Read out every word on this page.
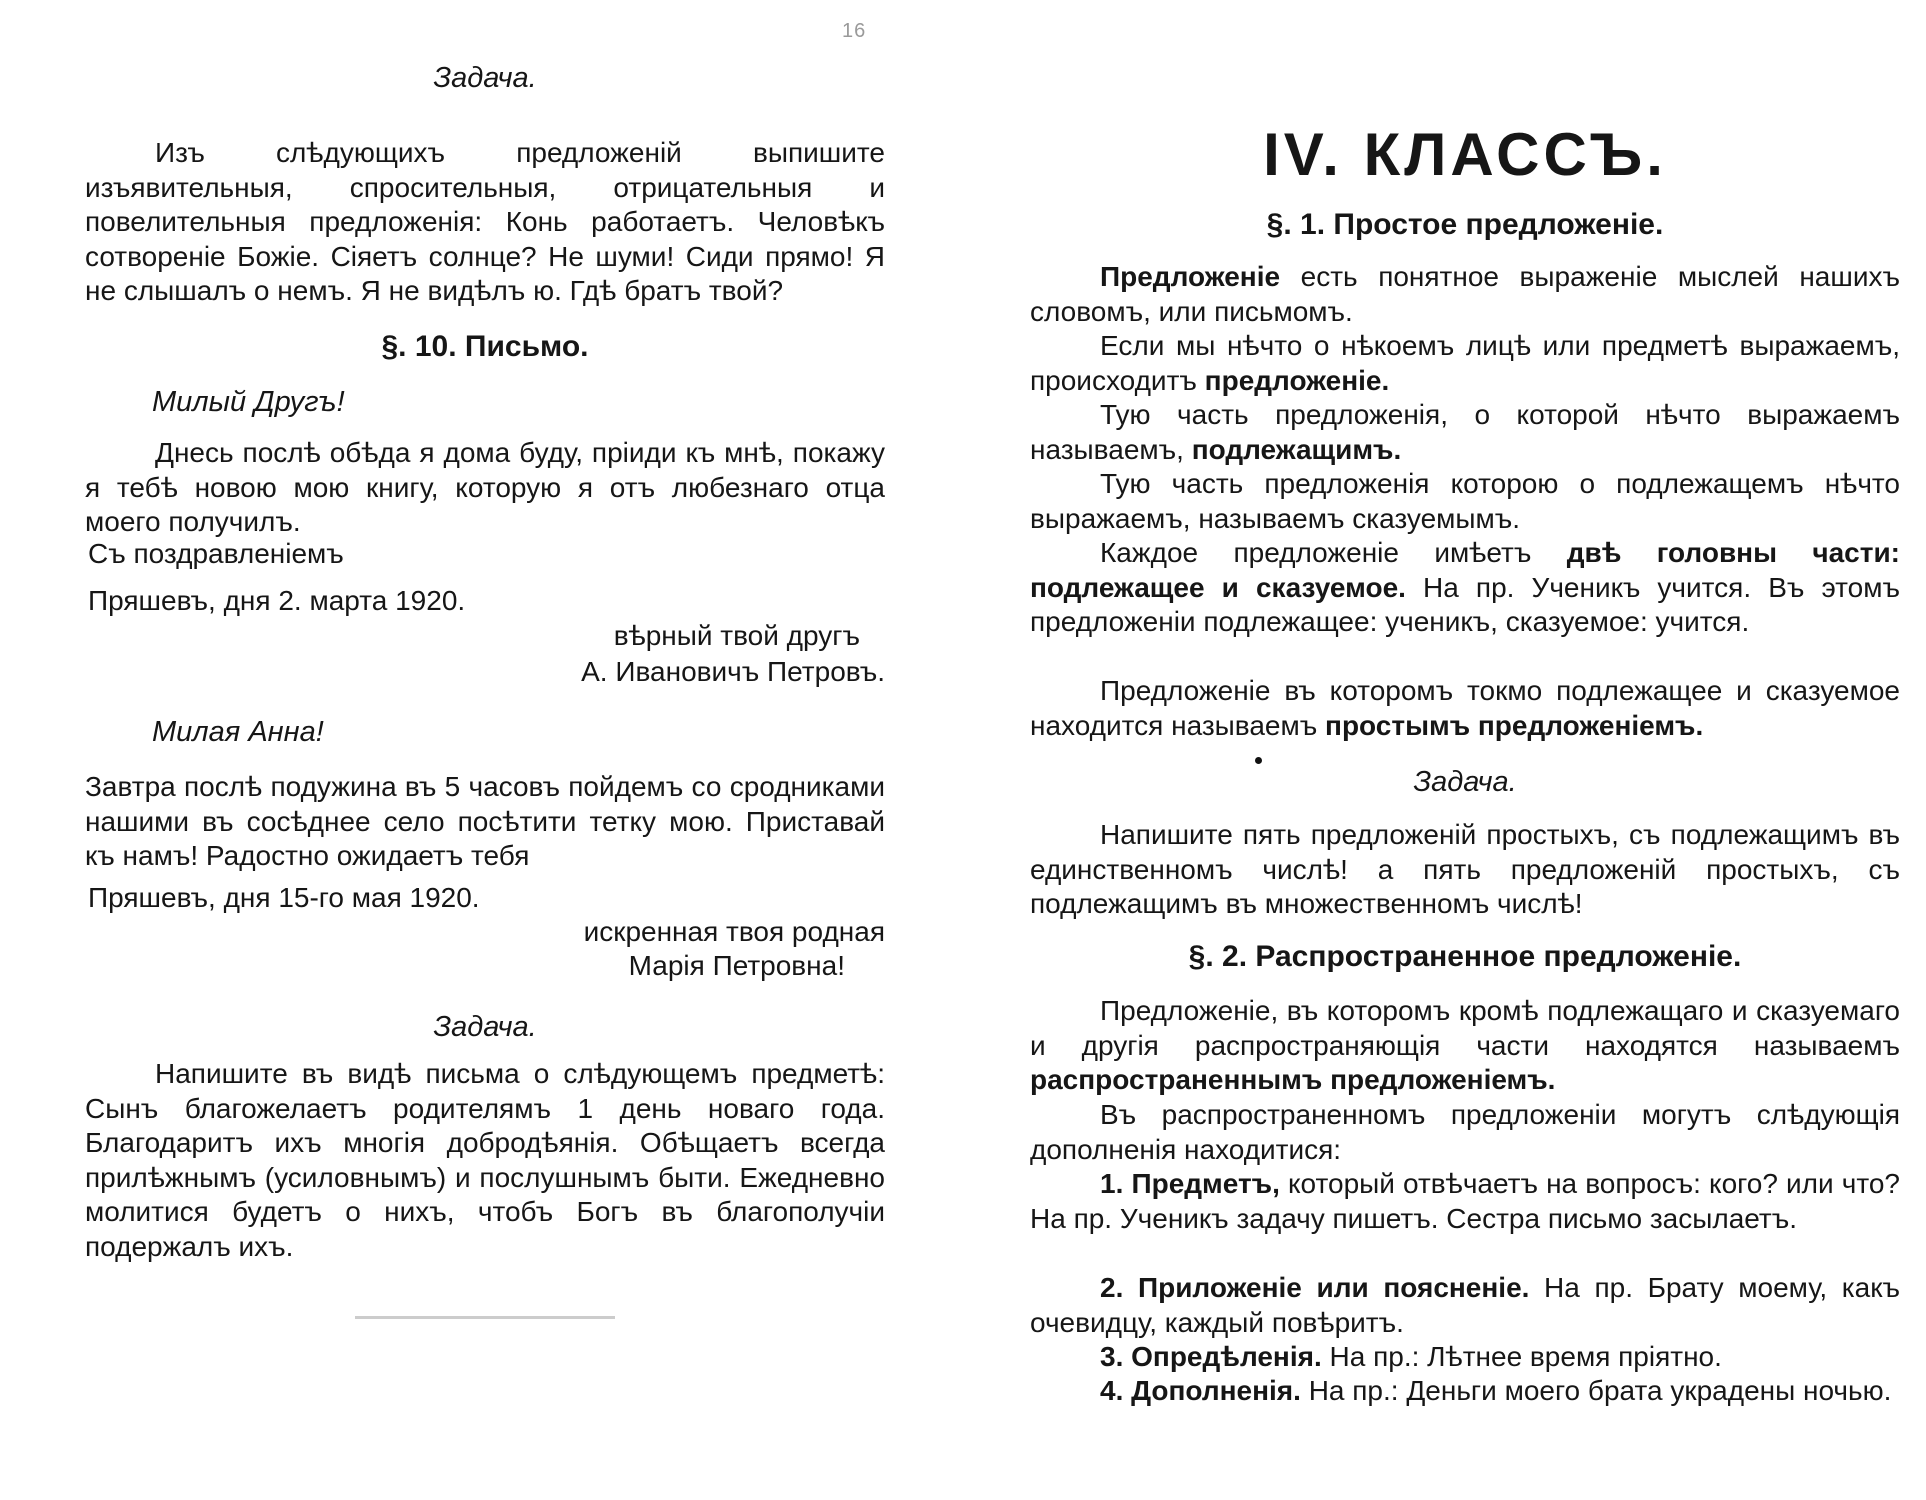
16
Задача.
Изъ слѣдующихъ предложеній выпишите изъявительныя, спросительныя, отрицательныя и повелительныя предложенія: Конь работаетъ. Человѣкъ сотвореніе Божіе. Сіяетъ солнце? Не шуми! Сиди прямо! Я не слышалъ о немъ. Я не видѣлъ ю. Гдѣ братъ твой?
§. 10. Письмо.
Милый Другъ!
Днесь послѣ обѣда я дома буду, пріиди къ мнѣ, покажу я тебѣ новою мою книгу, которую я отъ любезнаго отца моего получилъ.
Съ поздравленіемъ
Пряшевъ, дня 2. марта 1920.
вѣрный твой другъ
А. Ивановичъ Петровъ.
Милая Анна!
Завтра послѣ подужина въ 5 часовъ пойдемъ со сродниками нашими въ сосѣднее село посѣтити тетку мою. Приставай къ намъ! Радостно ожидаетъ тебя
Пряшевъ, дня 15-го мая 1920.
искренная твоя родная
Марія Петровна!
Задача.
Напишите въ видѣ письма о слѣдующемъ предметѣ: Сынъ благожелаетъ родителямъ 1 день новаго года. Благодаритъ ихъ многія добродѣянія. Обѣщаетъ всегда прилѣжнымъ (усиловнымъ) и послушнымъ быти. Ежедневно молитися будетъ о нихъ, чтобъ Богъ въ благополучіи подержалъ ихъ.
IV. КЛАССЪ.
§. 1. Простое предложеніе.
Предложеніе есть понятное выраженіе мыслей нашихъ словомъ, или письмомъ.
Если мы нѣчто о нѣкоемъ лицѣ или предметѣ выражаемъ, происходитъ предложеніе.
Тую часть предложенія, о которой нѣчто выражаемъ называемъ, подлежащимъ.
Тую часть предложенія которою о подлежащемъ нѣчто выражаемъ, называемъ сказуемымъ.
Каждое предложеніе имѣетъ двѣ головны части: подлежащее и сказуемое. На пр. Ученикъ учится. Въ этомъ предложеніи подлежащее: ученикъ, сказуемое: учится.
Предложеніе въ которомъ токмо подлежащее и сказуемое находится называемъ простымъ предложеніемъ.
Задача.
Напишите пять предложеній простыхъ, съ подлежащимъ въ единственномъ числѣ! а пять предложеній простыхъ, съ подлежащимъ въ множественномъ числѣ!
§. 2. Распространенное предложеніе.
Предложеніе, въ которомъ кромѣ подлежащаго и сказуемаго и другія распространяющія части находятся называемъ распространеннымъ предложеніемъ.
Въ распространенномъ предложеніи могутъ слѣдующія дополненія находитися:
1. Предметъ, который отвѣчаетъ на вопросъ: кого? или что? На пр. Ученикъ задачу пишетъ. Сестра письмо засылаетъ.
2. Приложеніе или поясненіе. На пр. Брату моему, какъ очевидцу, каждый повѣритъ.
3. Опредѣленія. На пр.: Лѣтнее время пріятно.
4. Дополненія. На пр.: Деньги моего брата украдены ночью.
